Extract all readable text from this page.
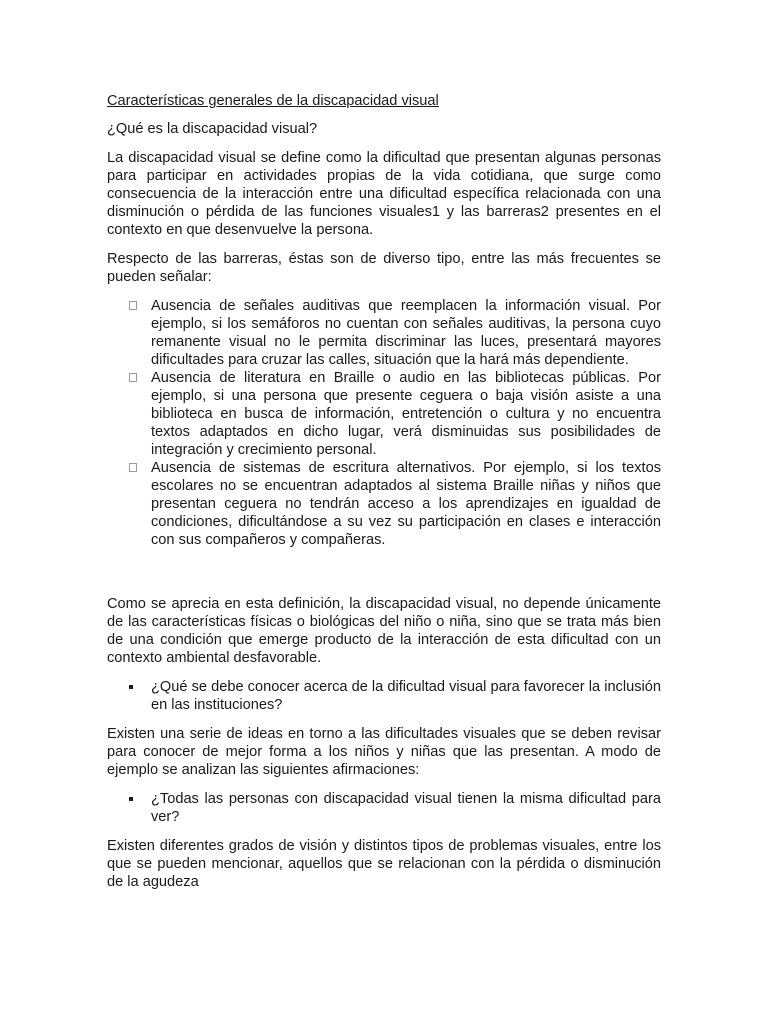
Características generales de la discapacidad visual
¿Qué es la discapacidad visual?
La discapacidad visual se define como la dificultad que presentan algunas personas para participar en actividades propias de la vida cotidiana, que surge como consecuencia de la interacción entre una dificultad específica relacionada con una disminución o pérdida de las funciones visuales1 y las barreras2 presentes en el contexto en que desenvuelve la persona.
Respecto de las barreras, éstas son de diverso tipo, entre las más frecuentes se pueden señalar:
Ausencia de señales auditivas que reemplacen la información visual. Por ejemplo, si los semáforos no cuentan con señales auditivas, la persona cuyo remanente visual no le permita discriminar las luces, presentará mayores dificultades para cruzar las calles, situación que la hará más dependiente.
Ausencia de literatura en Braille o audio en las bibliotecas públicas. Por ejemplo, si una persona que presente ceguera o baja visión asiste a una biblioteca en busca de información, entretención o cultura y no encuentra textos adaptados en dicho lugar, verá disminuidas sus posibilidades de integración y crecimiento personal.
Ausencia de sistemas de escritura alternativos. Por ejemplo, si los textos escolares no se encuentran adaptados al sistema Braille niñas y niños que presentan ceguera no tendrán acceso a los aprendizajes en igualdad de condiciones, dificultándose a su vez su participación en clases e interacción con sus compañeros y compañeras.
Como se aprecia en esta definición, la discapacidad visual, no depende únicamente de las características físicas o biológicas del niño o niña, sino que se trata más bien de una condición que emerge producto de la interacción de esta dificultad con un contexto ambiental desfavorable.
¿Qué se debe conocer acerca de la dificultad visual para favorecer la inclusión en las instituciones?
Existen una serie de ideas en torno a las dificultades visuales que se deben revisar para conocer de mejor forma a los niños y niñas que las presentan. A modo de ejemplo se analizan las siguientes afirmaciones:
¿Todas las personas con discapacidad visual tienen la misma dificultad para ver?
Existen diferentes grados de visión y distintos tipos de problemas visuales, entre los que se pueden mencionar, aquellos que se relacionan con la pérdida o disminución de la agudeza
